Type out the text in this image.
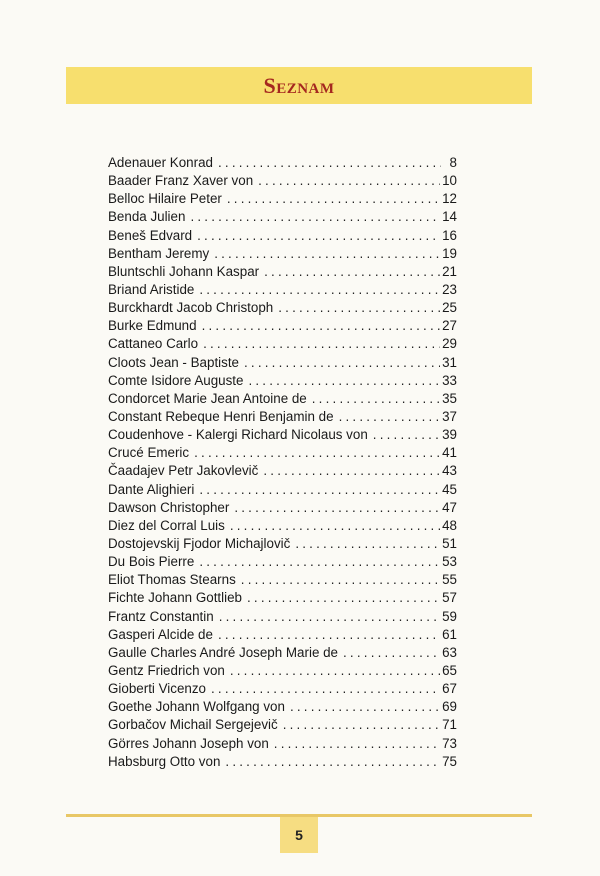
Seznam
Adenauer Konrad .....	8
Baader Franz Xaver von .....	10
Belloc Hilaire Peter .....	12
Benda Julien .....	14
Beneš Edvard .....	16
Bentham Jeremy .....	19
Bluntschli Johann Kaspar .....	21
Briand Aristide .....	23
Burckhardt Jacob Christoph .....	25
Burke Edmund .....	27
Cattaneo Carlo .....	29
Cloots Jean - Baptiste .....	31
Comte Isidore Auguste .....	33
Condorcet Marie Jean Antoine de .....	35
Constant Rebeque Henri Benjamin de .....	37
Coudenhove - Kalergi Richard Nicolaus von .....	39
Crucé Emeric .....	41
Čaadajev Petr Jakovlevič .....	43
Dante Alighieri .....	45
Dawson Christopher .....	47
Diez del Corral Luis .....	48
Dostojevskij Fjodor Michajlovič .....	51
Du Bois Pierre .....	53
Eliot Thomas Stearns .....	55
Fichte Johann Gottlieb .....	57
Frantz Constantin .....	59
Gasperi Alcide de .....	61
Gaulle Charles André Joseph Marie de .....	63
Gentz Friedrich von .....	65
Gioberti Vicenzo .....	67
Goethe Johann Wolfgang von .....	69
Gorbačov Michail Sergejevič .....	71
Görres Johann Joseph von .....	73
Habsburg Otto von .....	75
5
